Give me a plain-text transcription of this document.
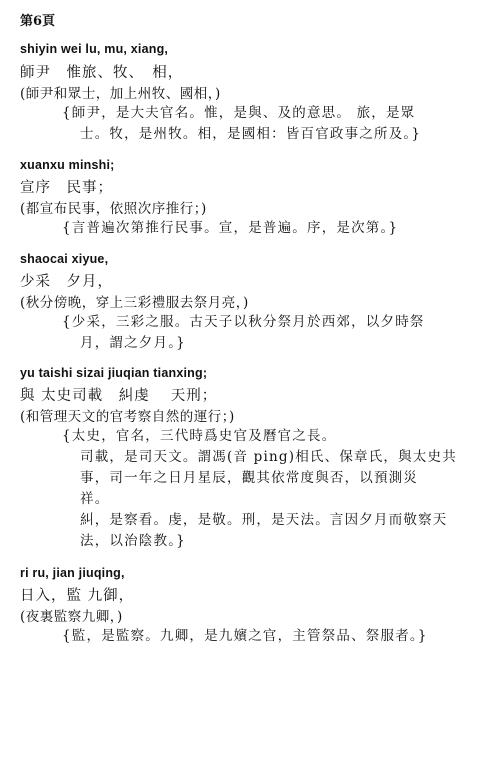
第6頁
shiyin wei lu, mu, xiang,
師尹　惟旅、牧、　相，
(師尹和眾士，加上州牧、國相，)
{師尹，是大夫官名。惟，是與、及的意思。 旅，是眾
士。牧，是州牧。相，是國相：皆百官政事之所及。}
xuanxu minshi;
宣序　民事；
(都宣布民事，依照次序推行；)
{言普遍次第推行民事。宣，是普遍。序，是次第。}
shaocai xiyue,
少采　夕月，
(秋分傍晚，穿上三彩禮服去祭月亮，)
{少采，三彩之服。古天子以秋分祭月於西郊，以夕時祭
月，謂之夕月。}
yu taishi sizai jiuqian tianxing;
與 太史司載　糾虔　 天刑；
(和管理天文的官考察自然的運行；)
{太史，官名，三代時爲史官及曆官之長。
司載，是司天文。謂馮(音 ping)相氏、保章氏，與太史共
事，司一年之日月星辰，觀其依常度與否，以預測災
祥。
糾，是察看。虔，是敬。刑，是天法。言因夕月而敬察天
法，以治陰教。}
ri ru, jian jiuqing,
日入，監 九御，
(夜裏監察九卿，)
{監，是監察。九卿，是九嬪之官，主管祭品、祭服者。}
